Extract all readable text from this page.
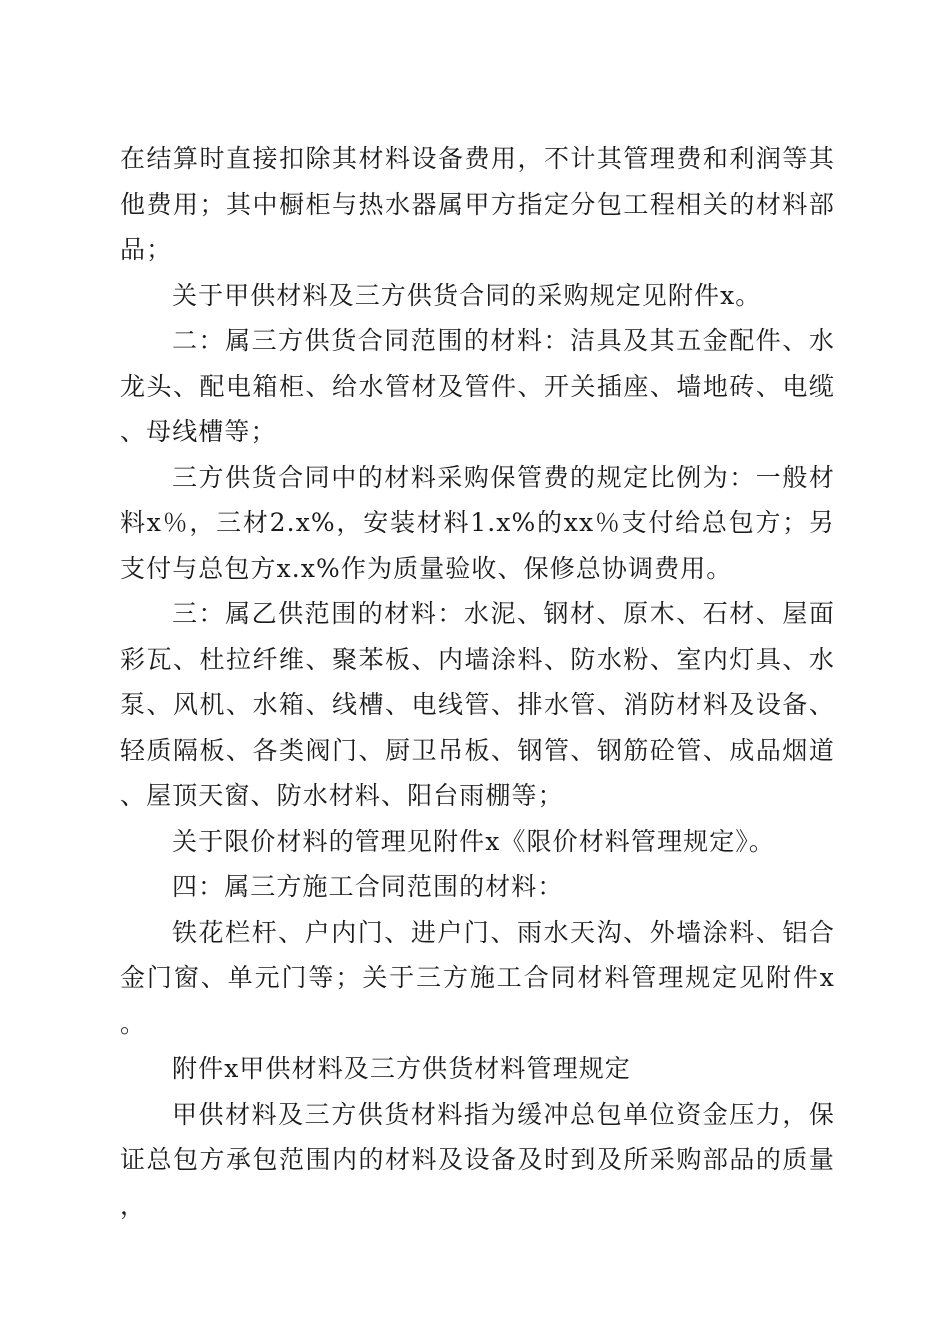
在结算时直接扣除其材料设备费用，不计其管理费和利润等其他费用；其中橱柜与热水器属甲方指定分包工程相关的材料部品；

关于甲供材料及三方供货合同的采购规定见附件x。

二：属三方供货合同范围的材料：洁具及其五金配件、水龙头、配电箱柜、给水管材及管件、开关插座、墙地砖、电缆、母线槽等；

三方供货合同中的材料采购保管费的规定比例为：一般材料x％，三材2.x%，安装材料1.x%的xx％支付给总包方；另支付与总包方x.x%作为质量验收、保修总协调费用。

三：属乙供范围的材料：水泥、钢材、原木、石材、屋面彩瓦、杜拉纤维、聚苯板、内墙涂料、防水粉、室内灯具、水泵、风机、水箱、线槽、电线管、排水管、消防材料及设备、轻质隔板、各类阀门、厨卫吊板、钢管、钢筋砼管、成品烟道、屋顶天窗、防水材料、阳台雨棚等；

关于限价材料的管理见附件x《限价材料管理规定》。

四：属三方施工合同范围的材料：

铁花栏杆、户内门、进户门、雨水天沟、外墙涂料、铝合金门窗、单元门等；关于三方施工合同材料管理规定见附件x。

附件x甲供材料及三方供货材料管理规定

甲供材料及三方供货材料指为缓冲总包单位资金压力，保证总包方承包范围内的材料及设备及时到及所采购部品的质量，
